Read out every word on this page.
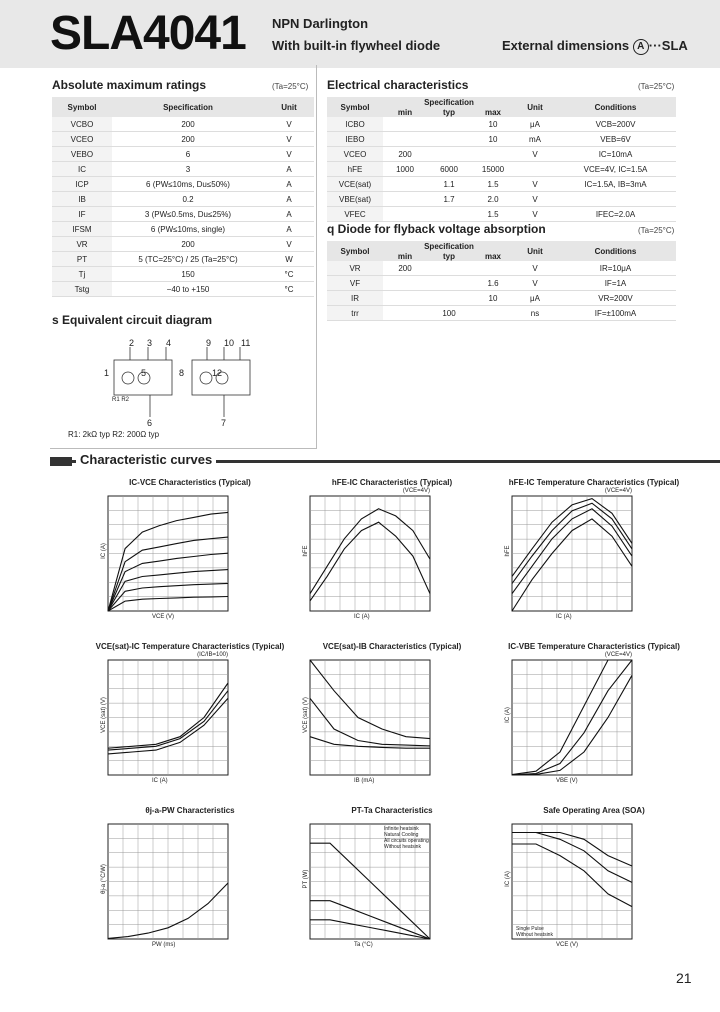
SLA4041 NPN Darlington
With built-in flywheel diode	External dimensions A ···SLA
Absolute maximum ratings	(Ta=25°C)
Symbol	Specification	Unit
VCBO	200	V
VCEO	200	V
VEBO	6	V
IC	3	A
ICP	6 (PW≤10ms, Du≤50%)	A
IB	0.2	A
IF	3 (PW≤0.5ms, Du≤25%)	A
IFSM	6 (PW≤10ms, single)	A
VR	200	V
PT	5 (TC=25°C) / 25 (Ta=25°C)	W
Tj	150	°C
Tstg	−40 to +150	°C
Electrical characteristics	(Ta=25°C)
Symbol	Specification			Unit	Conditions
	min	typ	max		
ICBO			10	μA	VCB=200V
IEBO			10	mA	VEB=6V
VCEO	200			V	IC=10mA
hFE	1000	6000	15000		VCE=4V, IC=1.5A
VCE(sat)		1.1	1.5	V	IC=1.5A, IB=3mA
VBE(sat)		1.7	2.0	V	
VFEC			1.5	V	IFEC=2.0A
q Diode for flyback voltage absorption	(Ta=25°C)
Symbol	Specification			Unit	Conditions
	min	typ	max		
VR	200			V	IR=10μA
VF			1.6	V	IF=1A
IR			10	μA	VR=200V
trr		100		ns	IF=±100mA
s Equivalent circuit diagram
2 3 4	9 10 11
1	5	8	12
6	7
R1 R2
R1: 2kΩ typ R2: 200Ω typ
Characteristic curves
IC-VCE Characteristics (Typical)
VCE (V)
IC (A)
hFE-IC Characteristics (Typical)
IC (A)
hFE
(VCE=4V)
hFE-IC Temperature Characteristics (Typical)
IC (A)
hFE
(VCE=4V)
VCE(sat)-IC Temperature Characteristics (Typical)
IC (A)
VCE (sat) (V)
(IC/IB=100)
VCE(sat)-IB Characteristics (Typical)
IB (mA)
VCE (sat) (V)
IC-VBE Temperature Characteristics (Typical)
VBE (V)
IC (A)
(VCE=4V)
θj-a-PW Characteristics
PW (ms)
θj-a (°C/W)
PT-Ta Characteristics
Ta (°C)
PT (W)
Infinite heatsink
Natural Cooling
All circuits operating
Without heatsink
Safe Operating Area (SOA)
VCE (V)
IC (A)
Single Pulse
Without heatsink
21
